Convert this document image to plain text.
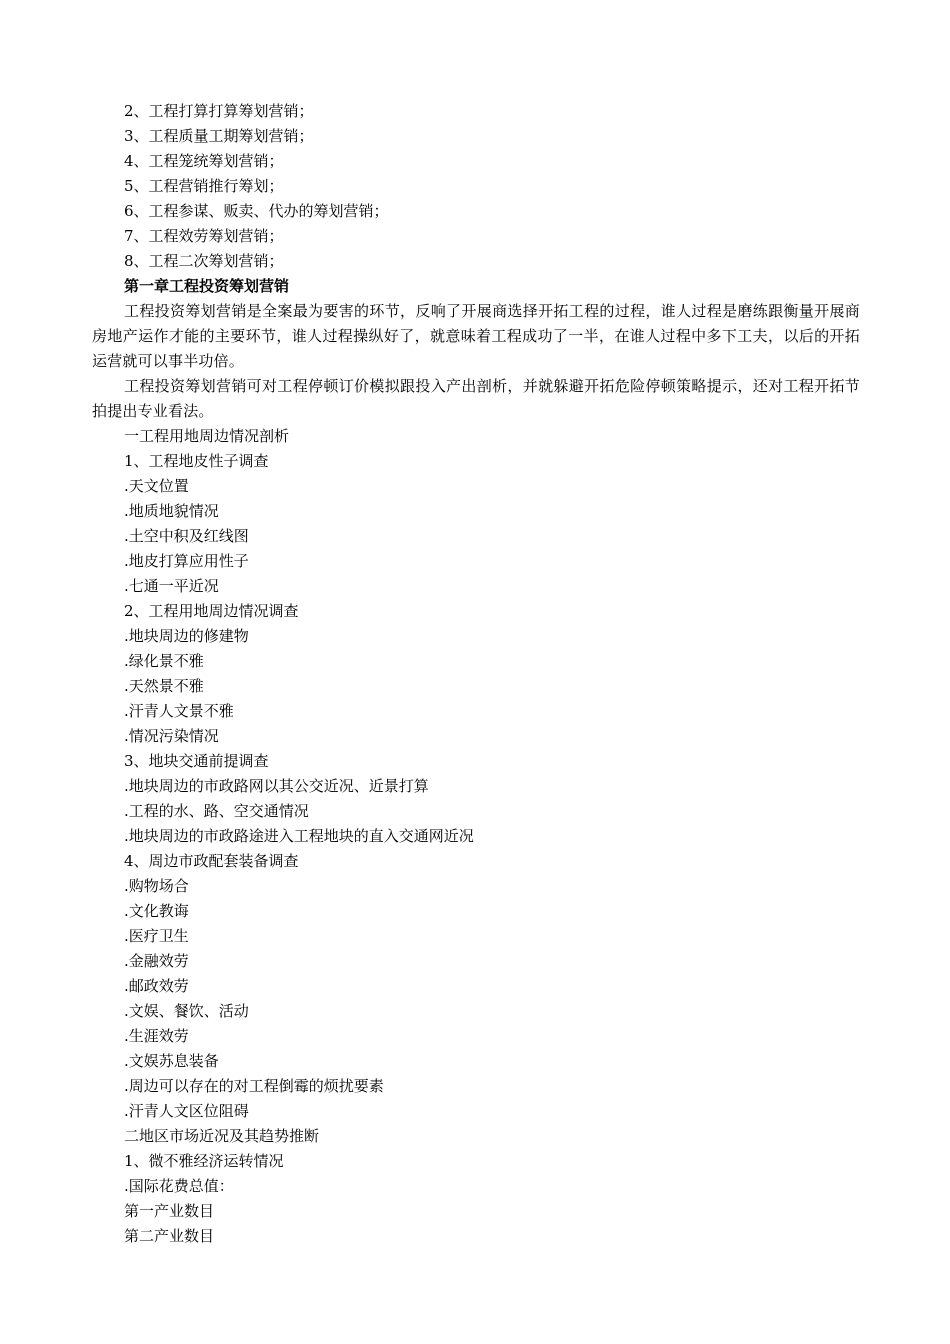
2、工程打算打算筹划营销；
3、工程质量工期筹划营销；
4、工程笼统筹划营销；
5、工程营销推行筹划；
6、工程参谋、贩卖、代办的筹划营销；
7、工程效劳筹划营销；
8、工程二次筹划营销；
第一章工程投资筹划营销
工程投资筹划营销是全案最为要害的环节，反响了开展商选择开拓工程的过程，谁人过程是磨练跟衡量开展商房地产运作才能的主要环节，谁人过程操纵好了，就意味着工程成功了一半，在谁人过程中多下工夫，以后的开拓运营就可以事半功倍。
工程投资筹划营销可对工程停顿订价模拟跟投入产出剖析，并就躲避开拓危险停顿策略提示，还对工程开拓节拍提出专业看法。
一工程用地周边情况剖析
1、工程地皮性子调查
.天文位置
.地质地貌情况
.土空中积及红线图
.地皮打算应用性子
.七通一平近况
2、工程用地周边情况调查
.地块周边的修建物
.绿化景不雅
.天然景不雅
.汗青人文景不雅
.情况污染情况
3、地块交通前提调查
.地块周边的市政路网以其公交近况、近景打算
.工程的水、路、空交通情况
.地块周边的市政路途进入工程地块的直入交通网近况
4、周边市政配套装备调查
.购物场合
.文化教诲
.医疗卫生
.金融效劳
.邮政效劳
.文娱、餐饮、活动
.生涯效劳
.文娱苏息装备
.周边可以存在的对工程倒霉的烦扰要素
.汗青人文区位阻碍
二地区市场近况及其趋势推断
1、微不雅经济运转情况
.国际花费总值：
第一产业数目
第二产业数目
